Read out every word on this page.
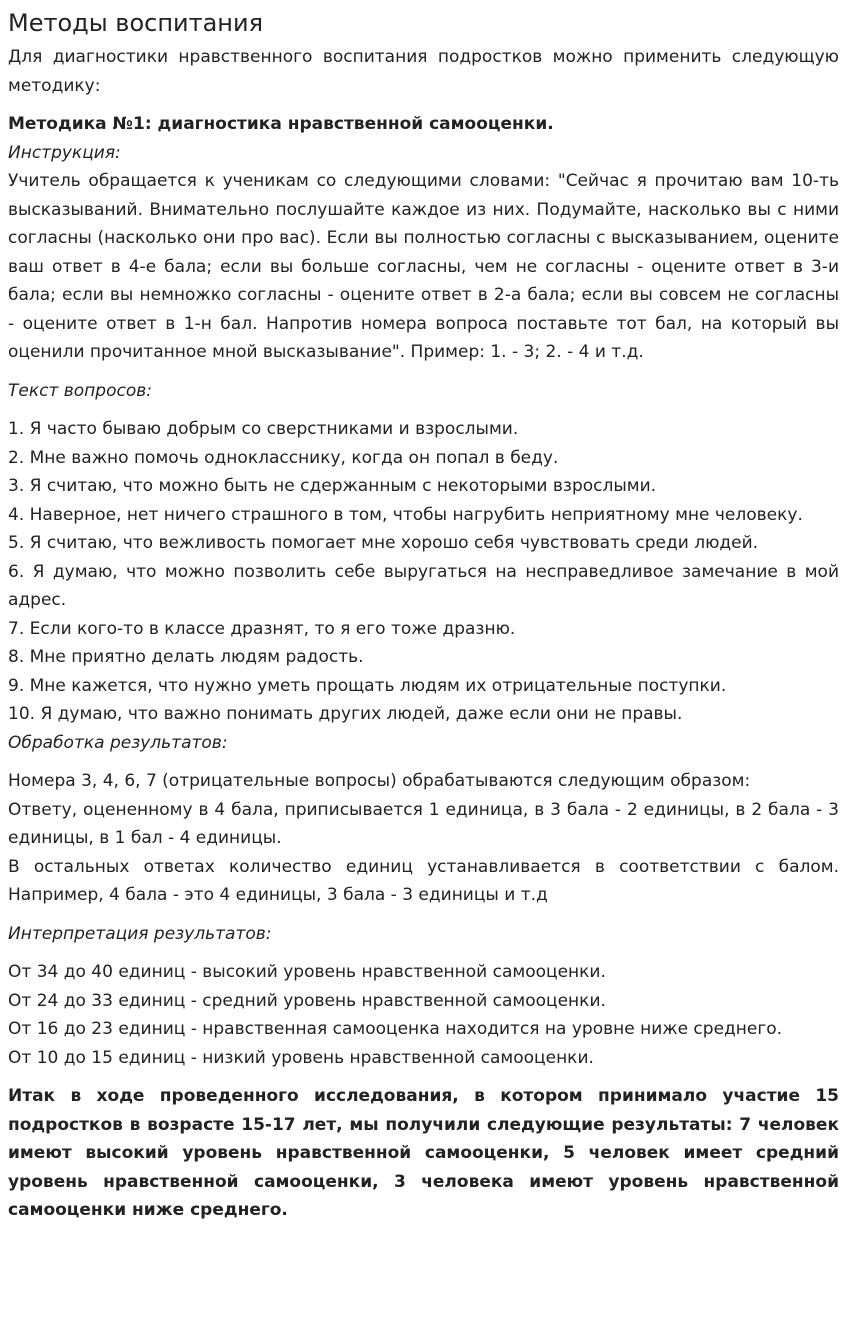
Методы воспитания

Для диагностики нравственного воспитания подростков можно применить следующую методику:

Методика №1: диагностика нравственной самооценки.

Инструкция:

Учитель обращается к ученикам со следующими словами: "Сейчас я прочитаю вам 10-ть высказываний. Внимательно послушайте каждое из них. Подумайте, насколько вы с ними согласны (насколько они про вас). Если вы полностью согласны с высказыванием, оцените ваш ответ в 4-е бала; если вы больше согласны, чем не согласны - оцените ответ в 3-и бала; если вы немножко согласны - оцените ответ в 2-а бала; если вы совсем не согласны - оцените ответ в 1-н бал. Напротив номера вопроса поставьте тот бал, на который вы оценили прочитанное мной высказывание". Пример: 1. - 3; 2. - 4 и т.д.

Текст вопросов:

1. Я часто бываю добрым со сверстниками и взрослыми.

2. Мне важно помочь однокласснику, когда он попал в беду.

3. Я считаю, что можно быть не сдержанным с некоторыми взрослыми.

4. Наверное, нет ничего страшного в том, чтобы нагрубить неприятному мне человеку.

5. Я считаю, что вежливость помогает мне хорошо себя чувствовать среди людей.

6. Я думаю, что можно позволить себе выругаться на несправедливое замечание в мой адрес.

7. Если кого-то в классе дразнят, то я его тоже дразню.

8. Мне приятно делать людям радость.

9. Мне кажется, что нужно уметь прощать людям их отрицательные поступки.

10. Я думаю, что важно понимать других людей, даже если они не правы.

Обработка результатов:

Номера 3, 4, 6, 7 (отрицательные вопросы) обрабатываются следующим образом:

Ответу, оцененному в 4 бала, приписывается 1 единица, в 3 бала - 2 единицы, в 2 бала - 3 единицы, в 1 бал - 4 единицы.

В остальных ответах количество единиц устанавливается в соответствии с балом. Например, 4 бала - это 4 единицы, 3 бала - 3 единицы и т.д

Интерпретация результатов:

От 34 до 40 единиц - высокий уровень нравственной самооценки.

От 24 до 33 единиц - средний уровень нравственной самооценки.

От 16 до 23 единиц - нравственная самооценка находится на уровне ниже среднего.

От 10 до 15 единиц - низкий уровень нравственной самооценки.

Итак в ходе проведенного исследования, в котором принимало участие 15 подростков в возрасте 15-17 лет, мы получили следующие результаты: 7 человек имеют высокий уровень нравственной самооценки, 5 человек имеет средний уровень нравственной самооценки, 3 человека имеют уровень нравственной самооценки ниже среднего.
